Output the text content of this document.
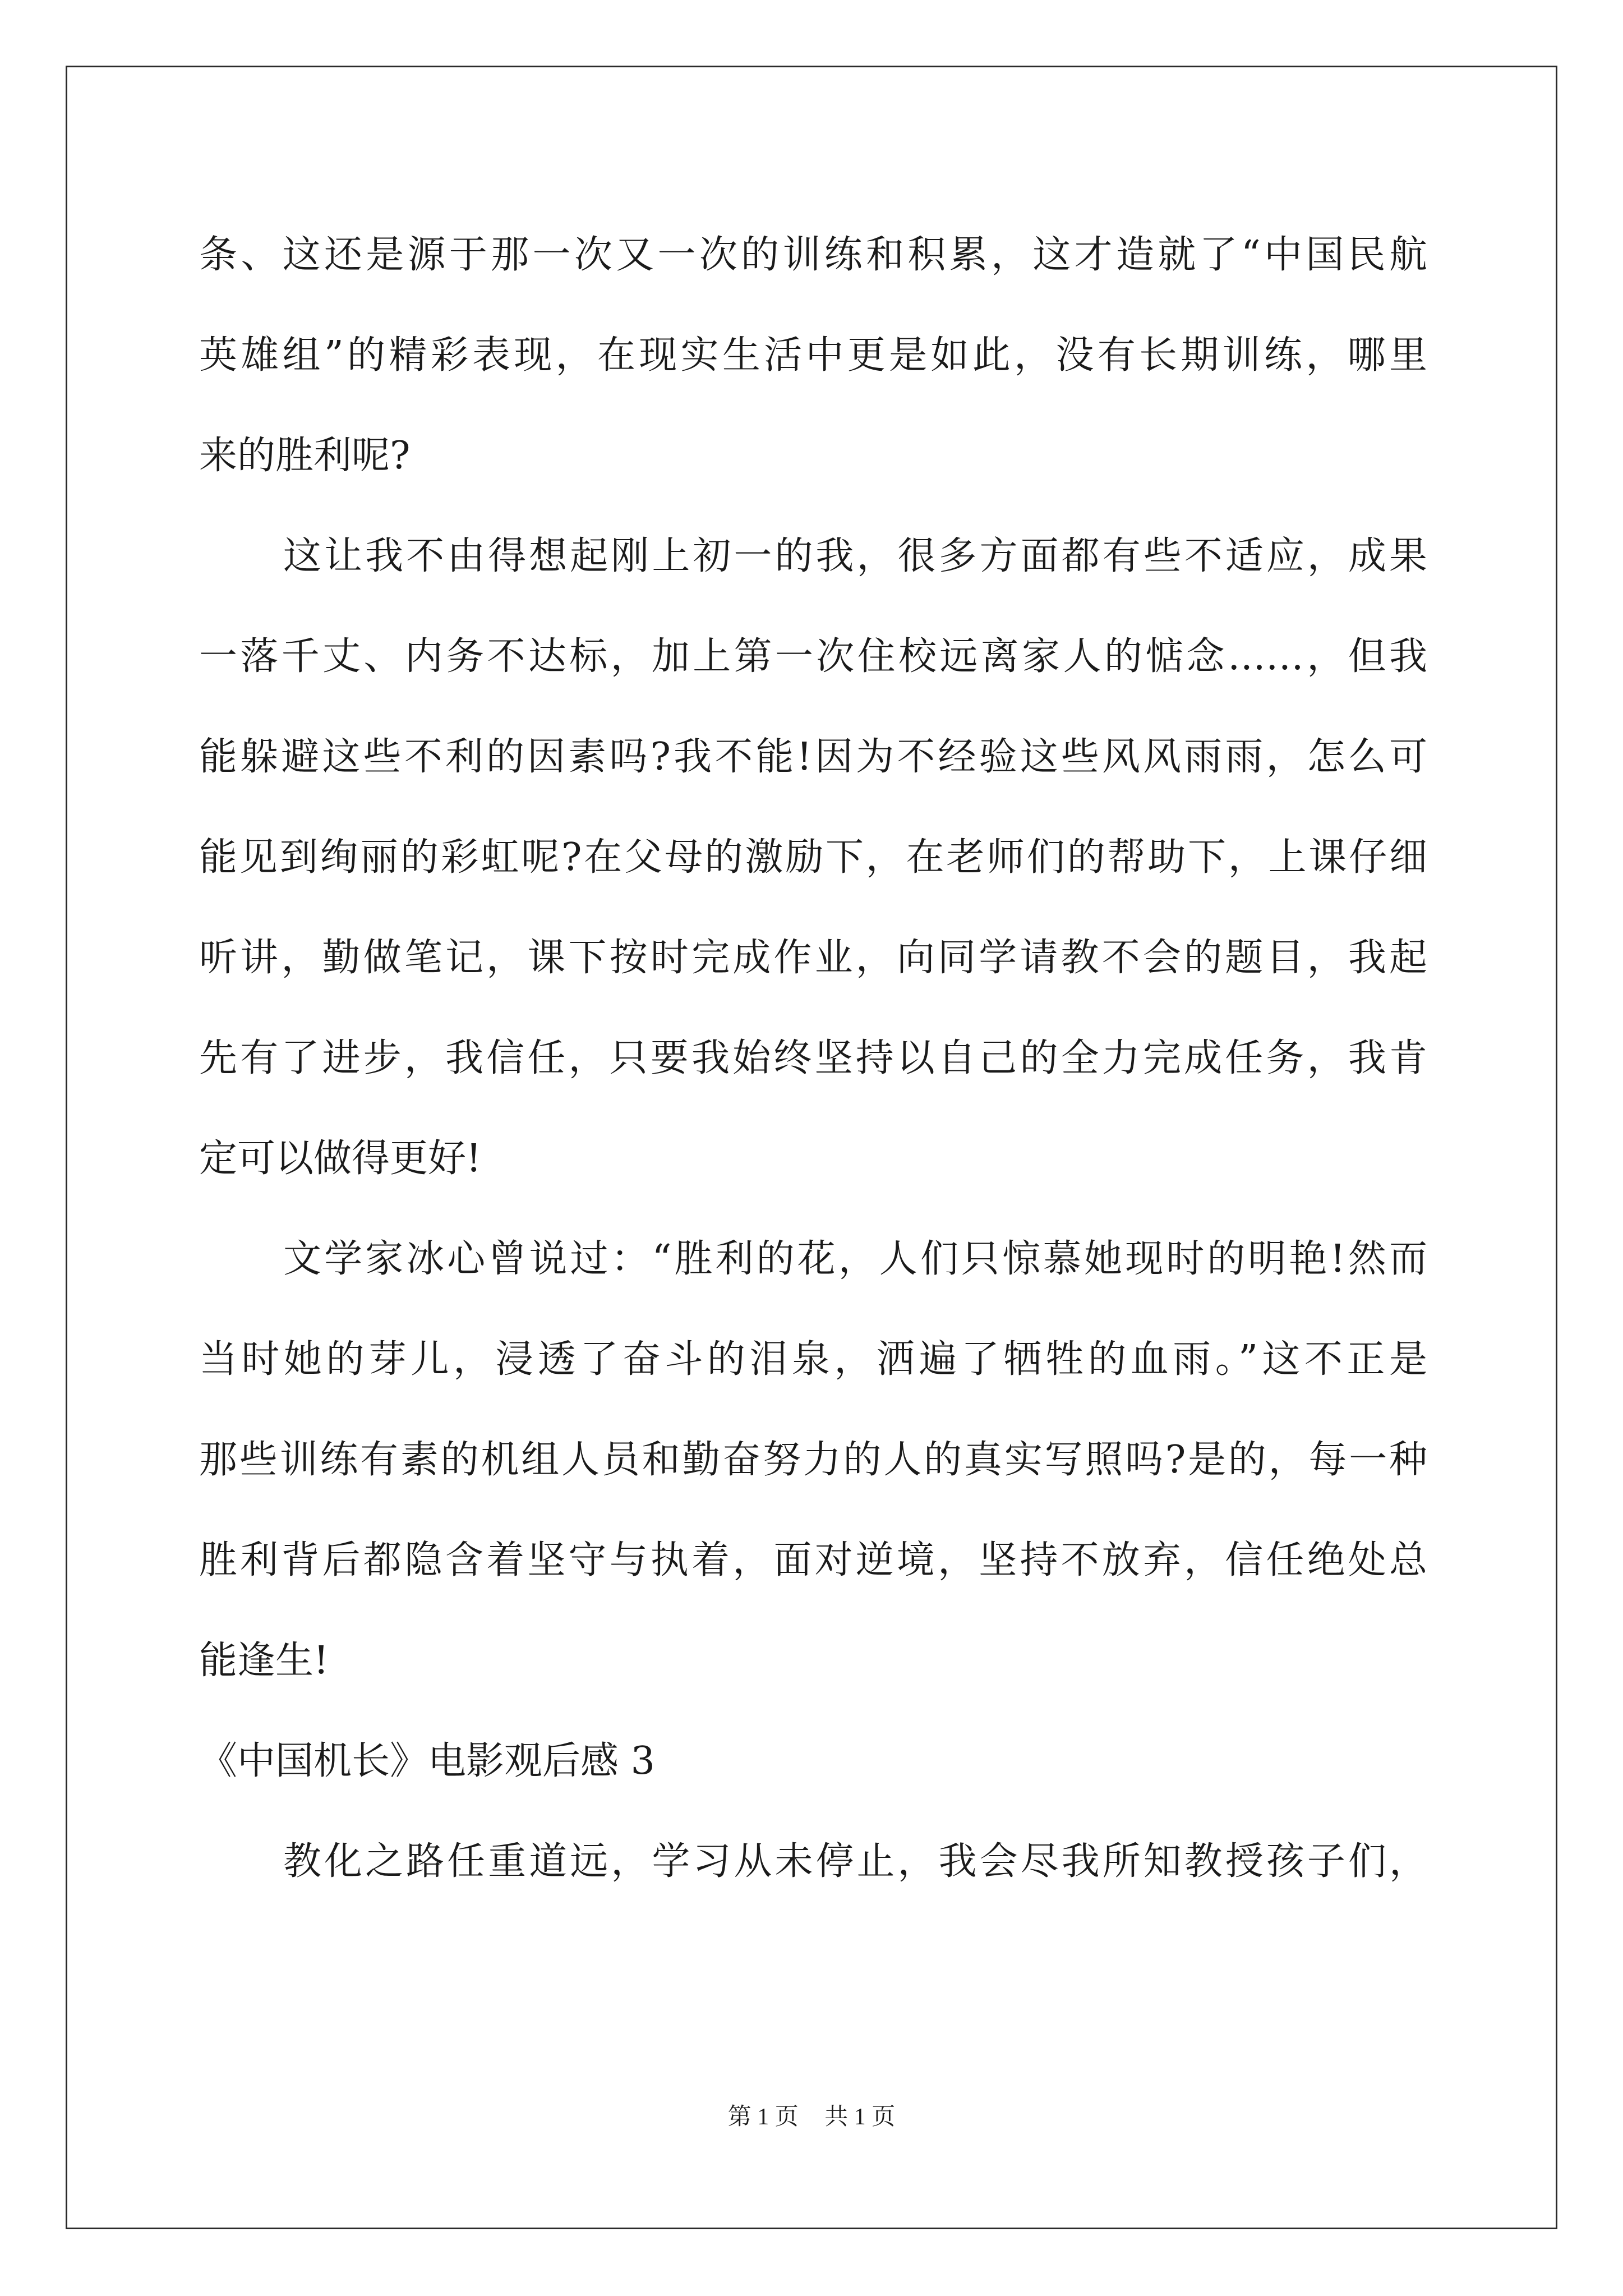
条、这还是源于那一次又一次的训练和积累，这才造就了“中国民航
英雄组”的精彩表现，在现实生活中更是如此，没有长期训练，哪里
来的胜利呢?
这让我不由得想起刚上初一的我，很多方面都有些不适应，成果
一落千丈、内务不达标，加上第一次住校远离家人的惦念……，但我
能躲避这些不利的因素吗?我不能!因为不经验这些风风雨雨，怎么可
能见到绚丽的彩虹呢?在父母的激励下，在老师们的帮助下，上课仔细
听讲，勤做笔记，课下按时完成作业，向同学请教不会的题目，我起
先有了进步，我信任，只要我始终坚持以自己的全力完成任务，我肯
定可以做得更好!
文学家冰心曾说过：“胜利的花，人们只惊慕她现时的明艳!然而
当时她的芽儿，浸透了奋斗的泪泉，洒遍了牺牲的血雨。”这不正是
那些训练有素的机组人员和勤奋努力的人的真实写照吗?是的，每一种
胜利背后都隐含着坚守与执着，面对逆境，坚持不放弃，信任绝处总
能逢生!
《中国机长》电影观后感 3
教化之路任重道远，学习从未停止，我会尽我所知教授孩子们，
第 1 页 共 1 页
